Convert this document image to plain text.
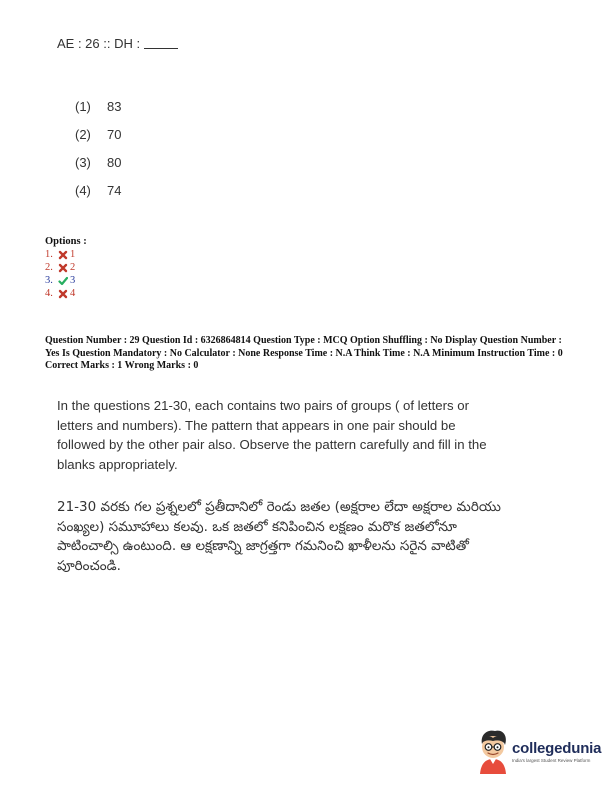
AE : 26 :: DH :
(1)	83
(2)	70
(3)	80
(4)	74
Options :
1.	1
2.	2
3.	3
4.	4

Question Number : 29 Question Id : 6326864814 Question Type : MCQ Option Shuffling : No Display Question Number : Yes Is Question Mandatory : No Calculator : None Response Time : N.A Think Time : N.A Minimum Instruction Time : 0

Correct Marks : 1 Wrong Marks : 0

In the questions 21-30, each contains two pairs of groups ( of letters or letters and numbers). The pattern that appears in one pair should be followed by the other pair also. Observe the pattern carefully and fill in the blanks appropriately.

21-30 వరకు గల ప్రశ్నలలో ప్రతీదానిలో రెండు జతల (అక్షరాల లేదా అక్షరాల మరియు సంఖ్యల) సమూహాలు కలవు. ఒక జతలో కనిపించిన లక్షణం మరొక జతలోనూ పాటించాల్సి ఉంటుంది. ఆ లక్షణాన్ని జాగ్రత్తగా గమనించి ఖాళీలను సరైన వాటితో పూరించండి.

collegedunia
India's largest Student Review Platform
